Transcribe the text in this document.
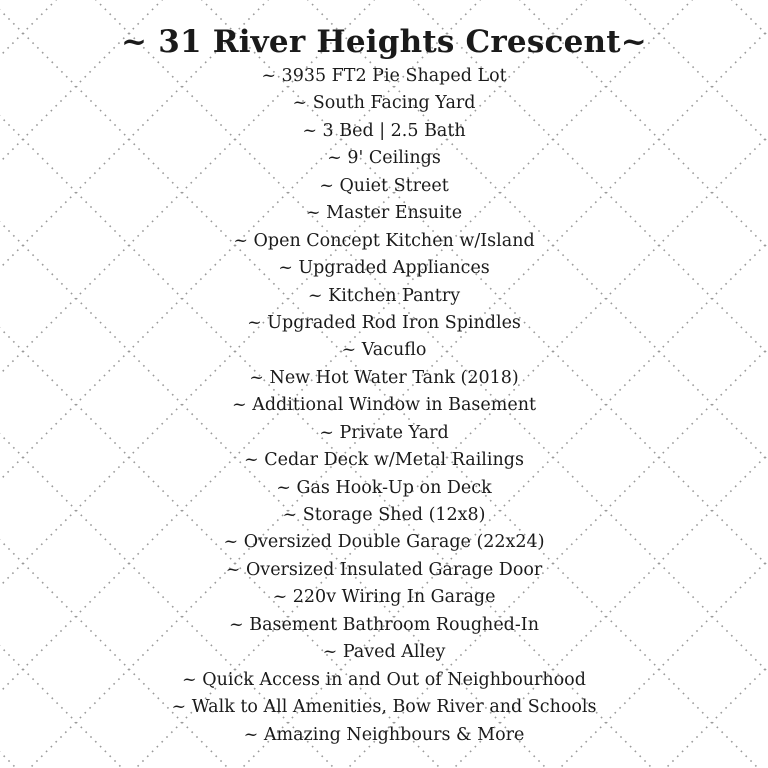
~ 31 River Heights Crescent~
~ 3935 FT2 Pie Shaped Lot
~ South Facing Yard
~ 3 Bed | 2.5 Bath
~ 9' Ceilings
~ Quiet Street
~ Master Ensuite
~ Open Concept Kitchen w/Island
~ Upgraded Appliances
~ Kitchen Pantry
~ Upgraded Rod Iron Spindles
~ Vacuflo
~ New Hot Water Tank (2018)
~ Additional Window in Basement
~ Private Yard
~ Cedar Deck w/Metal Railings
~ Gas Hook-Up on Deck
~ Storage Shed (12x8)
~ Oversized Double Garage (22x24)
~ Oversized Insulated Garage Door
~ 220v Wiring In Garage
~ Basement Bathroom Roughed-In
~ Paved Alley
~ Quick Access in and Out of Neighbourhood
~ Walk to All Amenities, Bow River and Schools
~ Amazing Neighbours & More
